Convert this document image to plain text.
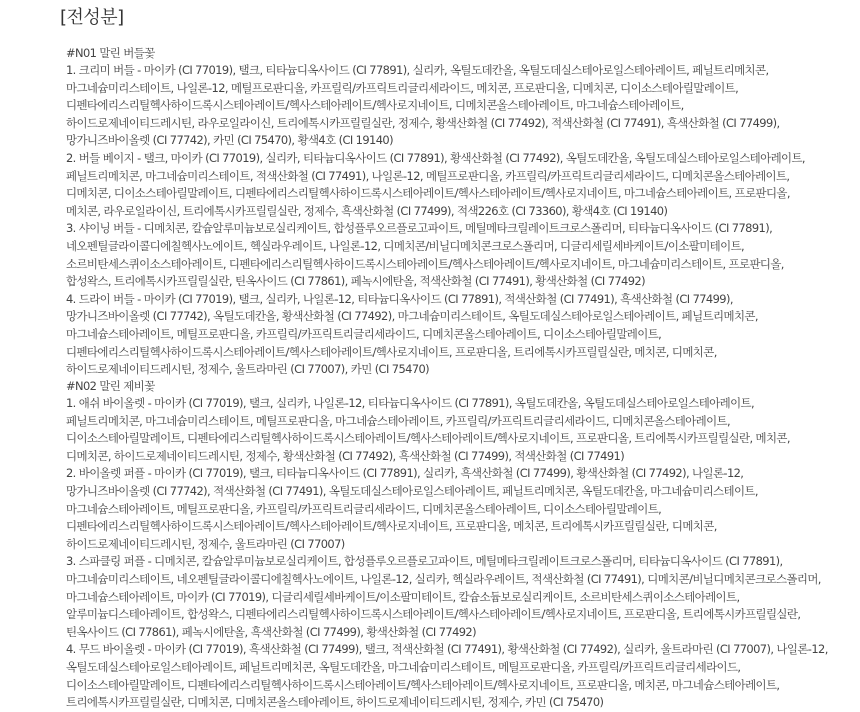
[전성분]
#N01 말린 버들꽃
1. 크리미 버들 - 마이카 (CI 77019), 탤크, 티타늄디옥사이드 (CI 77891), 실리카, 옥틸도데칸올, 옥틸도데실스테아로일스테아레이트, 페닐트리메치콘,
마그네슘미리스테이트, 나일론-12, 메틸프로판디올, 카프릴릭/카프릭트리글리세라이드, 메치콘, 프로판디올, 디메치콘, 디이소스테아릴말레이트,
디펜타에리스리틸헥사하이드록시스테아레이트/헥사스테아레이트/헥사로지네이트, 디메치콘올스테아레이트, 마그네슘스테아레이트,
하이드로제네이티드레시틴, 라우로일라이신, 트리에톡시카프릴릴실란, 정제수, 황색산화철 (CI 77492), 적색산화철 (CI 77491), 흑색산화철 (CI 77499),
망가니즈바이올렛 (CI 77742), 카민 (CI 75470), 황색4호 (CI 19140)
2. 버들 베이지 - 탤크, 마이카 (CI 77019), 실리카, 티타늄디옥사이드 (CI 77891), 황색산화철 (CI 77492), 옥틸도데칸올, 옥틸도데실스테아로일스테아레이트,
페닐트리메치콘, 마그네슘미리스테이트, 적색산화철 (CI 77491), 나일론-12, 메틸프로판디올, 카프릴릭/카프릭트리글리세라이드, 디메치콘올스테아레이트,
디메치콘, 디이소스테아릴말레이트, 디펜타에리스리틸헥사하이드록시스테아레이트/헥사스테아레이트/헥사로지네이트, 마그네슘스테아레이트, 프로판디올,
메치콘, 라우로일라이신, 트리에톡시카프릴릴실란, 정제수, 흑색산화철 (CI 77499), 적색226호 (CI 73360), 황색4호 (CI 19140)
3. 샤이닝 버들 - 디메치콘, 칼슘알루미늄보로실리케이트, 합성플루오르플로고파이트, 메틸메타크릴레이트크로스폴리머, 티타늄디옥사이드 (CI 77891),
네오펜틸글라이콜디에칠헥사노에이트, 헥실라우레이트, 나일론-12, 디메치콘/비닐디메치콘크로스폴리머, 디글리세릴세바케이트/이소팔미테이트,
소르비탄세스퀴이소스테아레이트, 디펜타에리스리틸헥사하이드록시스테아레이트/헥사스테아레이트/헥사로지네이트, 마그네슘미리스테이트, 프로판디올,
합성왁스, 트리에톡시카프릴릴실란, 틴옥사이드 (CI 77861), 페녹시에탄올, 적색산화철 (CI 77491), 황색산화철 (CI 77492)
4. 드라이 버들 - 마이카 (CI 77019), 탤크, 실리카, 나일론-12, 티타늄디옥사이드 (CI 77891), 적색산화철 (CI 77491), 흑색산화철 (CI 77499),
망가니즈바이올렛 (CI 77742), 옥틸도데칸올, 황색산화철 (CI 77492), 마그네슘미리스테이트, 옥틸도데실스테아로일스테아레이트, 페닐트리메치콘,
마그네슘스테아레이트, 메틸프로판디올, 카프릴릭/카프릭트리글리세라이드, 디메치콘올스테아레이트, 디이소스테아릴말레이트,
디펜타에리스리틸헥사하이드록시스테아레이트/헥사스테아레이트/헥사로지네이트, 프로판디올, 트리에톡시카프릴릴실란, 메치콘, 디메치콘,
하이드로제네이티드레시틴, 정제수, 울트라마린 (CI 77007), 카민 (CI 75470)
#N02 말린 제비꽃
1. 애쉬 바이올렛 - 마이카 (CI 77019), 탤크, 실리카, 나일론-12, 티타늄디옥사이드 (CI 77891), 옥틸도데칸올, 옥틸도데실스테아로일스테아레이트,
페닐트리메치콘, 마그네슘미리스테이트, 메틸프로판디올, 마그네슘스테아레이트, 카프릴릭/카프릭트리글리세라이드, 디메치콘올스테아레이트,
디이소스테아릴말레이트, 디펜타에리스리틸헥사하이드록시스테아레이트/헥사스테아레이트/헥사로지네이트, 프로판디올, 트리에톡시카프릴릴실란, 메치콘,
디메치콘, 하이드로제네이티드레시틴, 정제수, 황색산화철 (CI 77492), 흑색산화철 (CI 77499), 적색산화철 (CI 77491)
2. 바이올렛 퍼플 - 마이카 (CI 77019), 탤크, 티타늄디옥사이드 (CI 77891), 실리카, 흑색산화철 (CI 77499), 황색산화철 (CI 77492), 나일론-12,
망가니즈바이올렛 (CI 77742), 적색산화철 (CI 77491), 옥틸도데실스테아로일스테아레이트, 페닐트리메치콘, 옥틸도데칸올, 마그네슘미리스테이트,
마그네슘스테아레이트, 메틸프로판디올, 카프릴릭/카프릭트리글리세라이드, 디메치콘올스테아레이트, 디이소스테아릴말레이트,
디펜타에리스리틸헥사하이드록시스테아레이트/헥사스테아레이트/헥사로지네이트, 프로판디올, 메치콘, 트리에톡시카프릴릴실란, 디메치콘,
하이드로제네이티드레시틴, 정제수, 울트라마린 (CI 77007)
3. 스파클링 퍼플 - 디메치콘, 칼슘알루미늄보로실리케이트, 합성플루오르플로고파이트, 메틸메타크릴레이트크로스폴리머, 티타늄디옥사이드 (CI 77891),
마그네슘미리스테이트, 네오펜틸글라이콜디에칠헥사노에이트, 나일론-12, 실리카, 헥실라우레이트, 적색산화철 (CI 77491), 디메치콘/비닐디메치콘크로스폴리머,
마그네슘스테아레이트, 마이카 (CI 77019), 디글리세릴세바케이트/이소팔미테이트, 칼슘소듐보로실리케이트, 소르비탄세스퀴이소스테아레이트,
알루미늄디스테아레이트, 합성왁스, 디펜타에리스리틸헥사하이드록시스테아레이트/헥사스테아레이트/헥사로지네이트, 프로판디올, 트리에톡시카프릴릴실란,
틴옥사이드 (CI 77861), 페녹시에탄올, 흑색산화철 (CI 77499), 황색산화철 (CI 77492)
4. 무드 바이올렛 - 마이카 (CI 77019), 흑색산화철 (CI 77499), 탤크, 적색산화철 (CI 77491), 황색산화철 (CI 77492), 실리카, 울트라마린 (CI 77007), 나일론-12,
옥틸도데실스테아로일스테아레이트, 페닐트리메치콘, 옥틸도데칸올, 마그네슘미리스테이트, 메틸프로판디올, 카프릴릭/카프릭트리글리세라이드,
디이소스테아릴말레이트, 디펜타에리스리틸헥사하이드록시스테아레이트/헥사스테아레이트/헥사로지네이트, 프로판디올, 메치콘, 마그네슘스테아레이트,
트리에톡시카프릴릴실란, 디메치콘, 디메치콘올스테아레이트, 하이드로제네이티드레시틴, 정제수, 카민 (CI 75470)
